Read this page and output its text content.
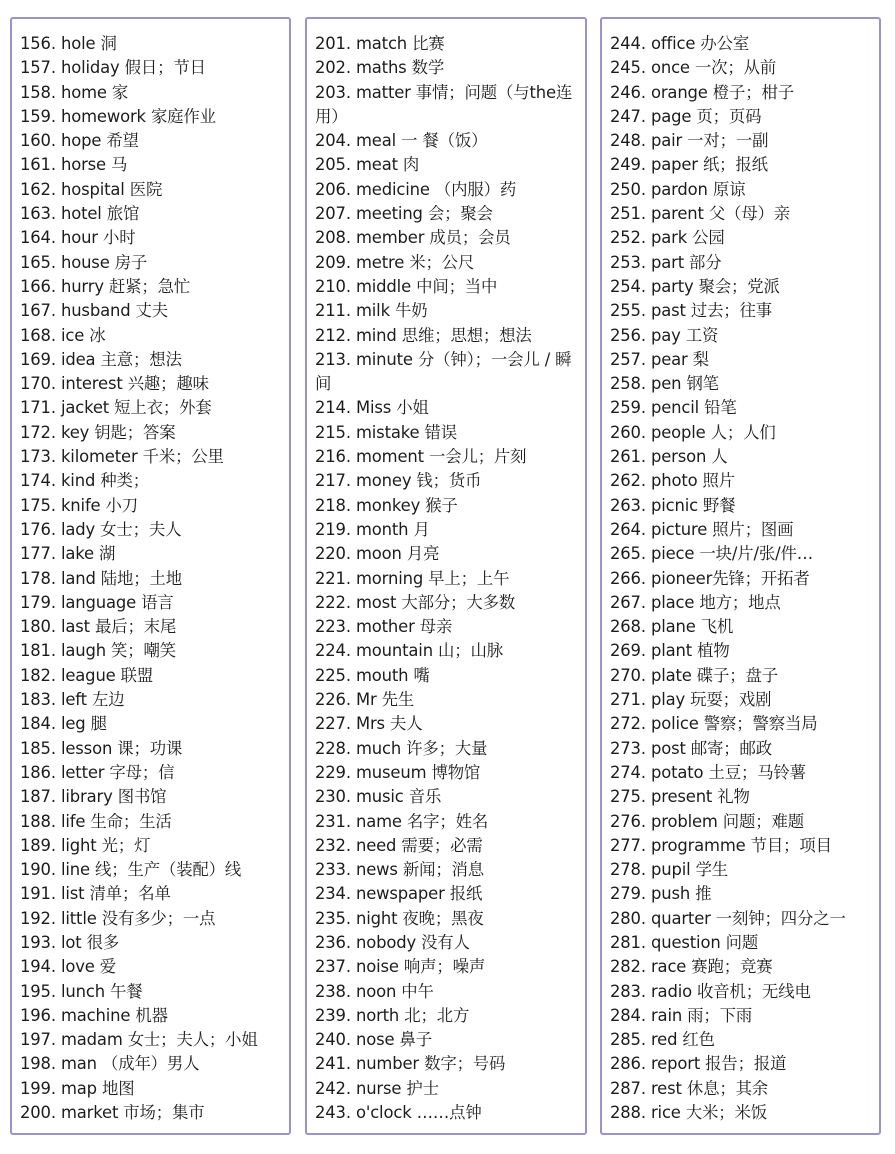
156. hole 洞
157. holiday 假日；节日
158. home 家
159. homework 家庭作业
160. hope 希望
161. horse 马
162. hospital 医院
163. hotel 旅馆
164. hour 小时
165. house 房子
166. hurry 赶紧；急忙
167. husband 丈夫
168. ice 冰
169. idea 主意；想法
170. interest 兴趣；趣味
171. jacket 短上衣；外套
172. key 钥匙；答案
173. kilometer 千米；公里
174. kind 种类；
175. knife 小刀
176. lady 女士；夫人
177. lake 湖
178. land 陆地；土地
179. language 语言
180. last 最后；末尾
181. laugh 笑；嘲笑
182. league 联盟
183. left 左边
184. leg 腿
185. lesson 课；功课
186. letter 字母；信
187. library 图书馆
188. life 生命；生活
189. light 光；灯
190. line 线；生产（装配）线
191. list 清单；名单
192. little 没有多少；一点
193. lot 很多
194. love 爱
195. lunch 午餐
196. machine 机器
197. madam 女士；夫人；小姐
198. man （成年）男人
199. map 地图
200. market 市场；集市
201. match 比赛
202. maths 数学
203. matter 事情；问题（与the连用）
204. meal 一 餐（饭）
205. meat 肉
206. medicine （内服）药
207. meeting 会；聚会
208. member 成员；会员
209. metre 米；公尺
210. middle 中间；当中
211. milk 牛奶
212. mind 思维；思想；想法
213. minute 分（钟）；一会儿 / 瞬间
214. Miss 小姐
215. mistake 错误
216. moment 一会儿；片刻
217. money 钱；货币
218. monkey 猴子
219. month 月
220. moon 月亮
221. morning 早上；上午
222. most 大部分；大多数
223. mother 母亲
224. mountain 山；山脉
225. mouth 嘴
226. Mr 先生
227. Mrs 夫人
228. much 许多；大量
229. museum 博物馆
230. music 音乐
231. name 名字；姓名
232. need 需要；必需
233. news 新闻；消息
234. newspaper 报纸
235. night 夜晚；黑夜
236. nobody 没有人
237. noise 响声；噪声
238. noon 中午
239. north 北；北方
240. nose 鼻子
241. number 数字；号码
242. nurse 护士
243. o'clock ……点钟
244. office 办公室
245. once 一次；从前
246. orange 橙子；柑子
247. page 页；页码
248. pair 一对；一副
249. paper 纸；报纸
250. pardon 原谅
251. parent 父（母）亲
252. park 公园
253. part 部分
254. party 聚会；党派
255. past 过去；往事
256. pay 工资
257. pear 梨
258. pen 钢笔
259. pencil 铅笔
260. people 人；人们
261. person 人
262. photo 照片
263. picnic 野餐
264. picture 照片；图画
265. piece 一块/片/张/件…
266. pioneer先锋；开拓者
267. place 地方；地点
268. plane 飞机
269. plant 植物
270. plate 碟子；盘子
271. play 玩耍；戏剧
272. police 警察；警察当局
273. post 邮寄；邮政
274. potato 土豆；马铃薯
275. present 礼物
276. problem 问题；难题
277. programme 节目；项目
278. pupil 学生
279. push 推
280. quarter 一刻钟；四分之一
281. question 问题
282. race 赛跑；竞赛
283. radio 收音机；无线电
284. rain 雨；下雨
285. red 红色
286. report 报告；报道
287. rest 休息；其余
288. rice 大米；米饭
